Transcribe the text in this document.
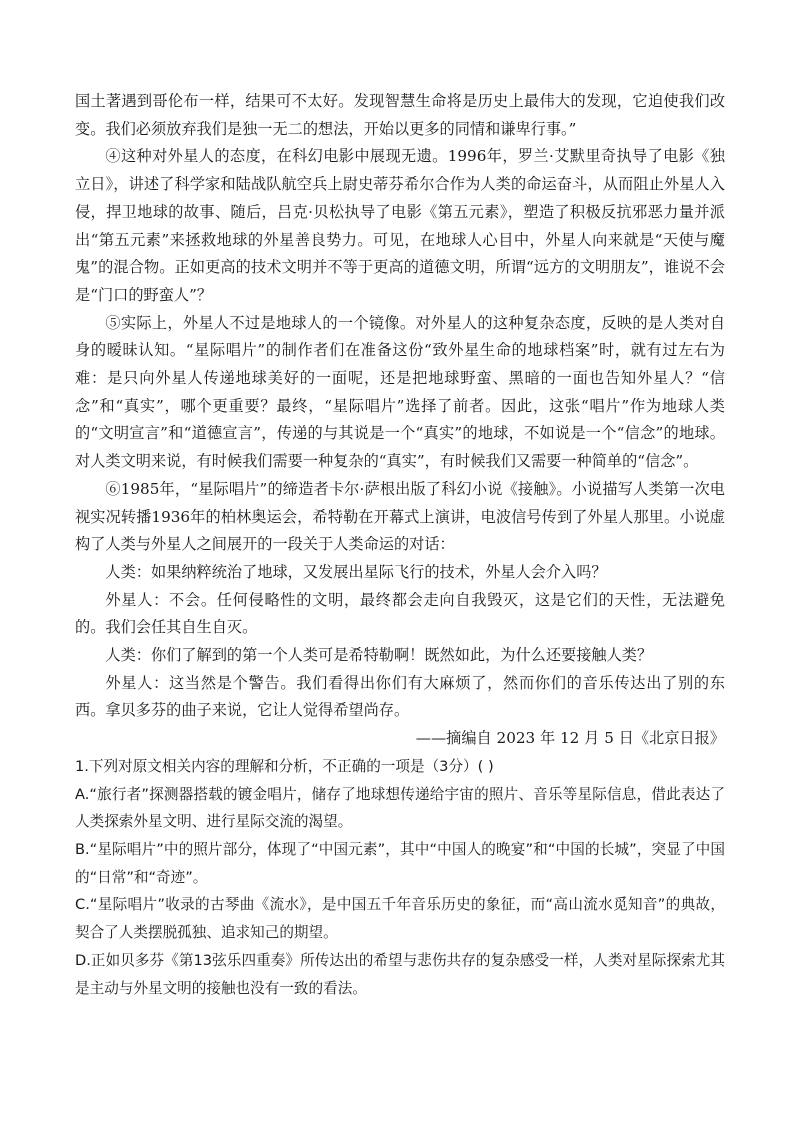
国土著遇到哥伦布一样，结果可不太好。发现智慧生命将是历史上最伟大的发现，它迫使我们改变。我们必须放弃我们是独一无二的想法，开始以更多的同情和谦卑行事。”

④这种对外星人的态度，在科幻电影中展现无遗。1996年，罗兰·艾默里奇执导了电影《独立日》，讲述了科学家和陆战队航空兵上尉史蒂芬希尔合作为人类的命运奋斗，从而阻止外星人入侵，捍卫地球的故事、随后，吕克·贝松执导了电影《第五元素》，塑造了积极反抗邪恶力量并派出“第五元素”来拯救地球的外星善良势力。可见，在地球人心目中，外星人向来就是“天使与魔鬼”的混合物。正如更高的技术文明并不等于更高的道德文明，所谓“远方的文明朋友”，谁说不会是“门口的野蛮人”？

⑤实际上，外星人不过是地球人的一个镜像。对外星人的这种复杂态度，反映的是人类对自身的暧昧认知。“星际唱片”的制作者们在准备这份“致外星生命的地球档案”时，就有过左右为难：是只向外星人传递地球美好的一面呢，还是把地球野蛮、黑暗的一面也告知外星人？“信念”和“真实”，哪个更重要？最终，“星际唱片”选择了前者。因此，这张“唱片”作为地球人类的“文明宣言”和“道德宣言”，传递的与其说是一个“真实”的地球，不如说是一个“信念”的地球。对人类文明来说，有时候我们需要一种复杂的“真实”，有时候我们又需要一种简单的“信念”。

⑥1985年，“星际唱片”的缔造者卡尔·萨根出版了科幻小说《接触》。小说描写人类第一次电视实况转播1936年的柏林奥运会，希特勒在开幕式上演讲，电波信号传到了外星人那里。小说虚构了人类与外星人之间展开的一段关于人类命运的对话：

人类：如果纳粹统治了地球，又发展出星际飞行的技术，外星人会介入吗？

外星人：不会。任何侵略性的文明，最终都会走向自我毁灭，这是它们的天性，无法避免的。我们会任其自生自灭。

人类：你们了解到的第一个人类可是希特勒啊！既然如此，为什么还要接触人类？

外星人：这当然是个警告。我们看得出你们有大麻烦了，然而你们的音乐传达出了别的东西。拿贝多芬的曲子来说，它让人觉得希望尚存。

——摘编自 2023 年 12 月 5 日《北京日报》

1.下列对原文相关内容的理解和分析，不正确的一项是（3分）( )

A.“旅行者”探测器搭载的镀金唱片，储存了地球想传递给宇宙的照片、音乐等星际信息，借此表达了人类探索外星文明、进行星际交流的渴望。

B.“星际唱片”中的照片部分，体现了“中国元素”，其中“中国人的晚宴”和“中国的长城”，突显了中国的“日常”和“奇迹”。

C.“星际唱片”收录的古琴曲《流水》，是中国五千年音乐历史的象征，而“高山流水觅知音”的典故，契合了人类摆脱孤独、追求知己的期望。

D.正如贝多芬《第13弦乐四重奏》所传达出的希望与悲伤共存的复杂感受一样，人类对星际探索尤其是主动与外星文明的接触也没有一致的看法。
